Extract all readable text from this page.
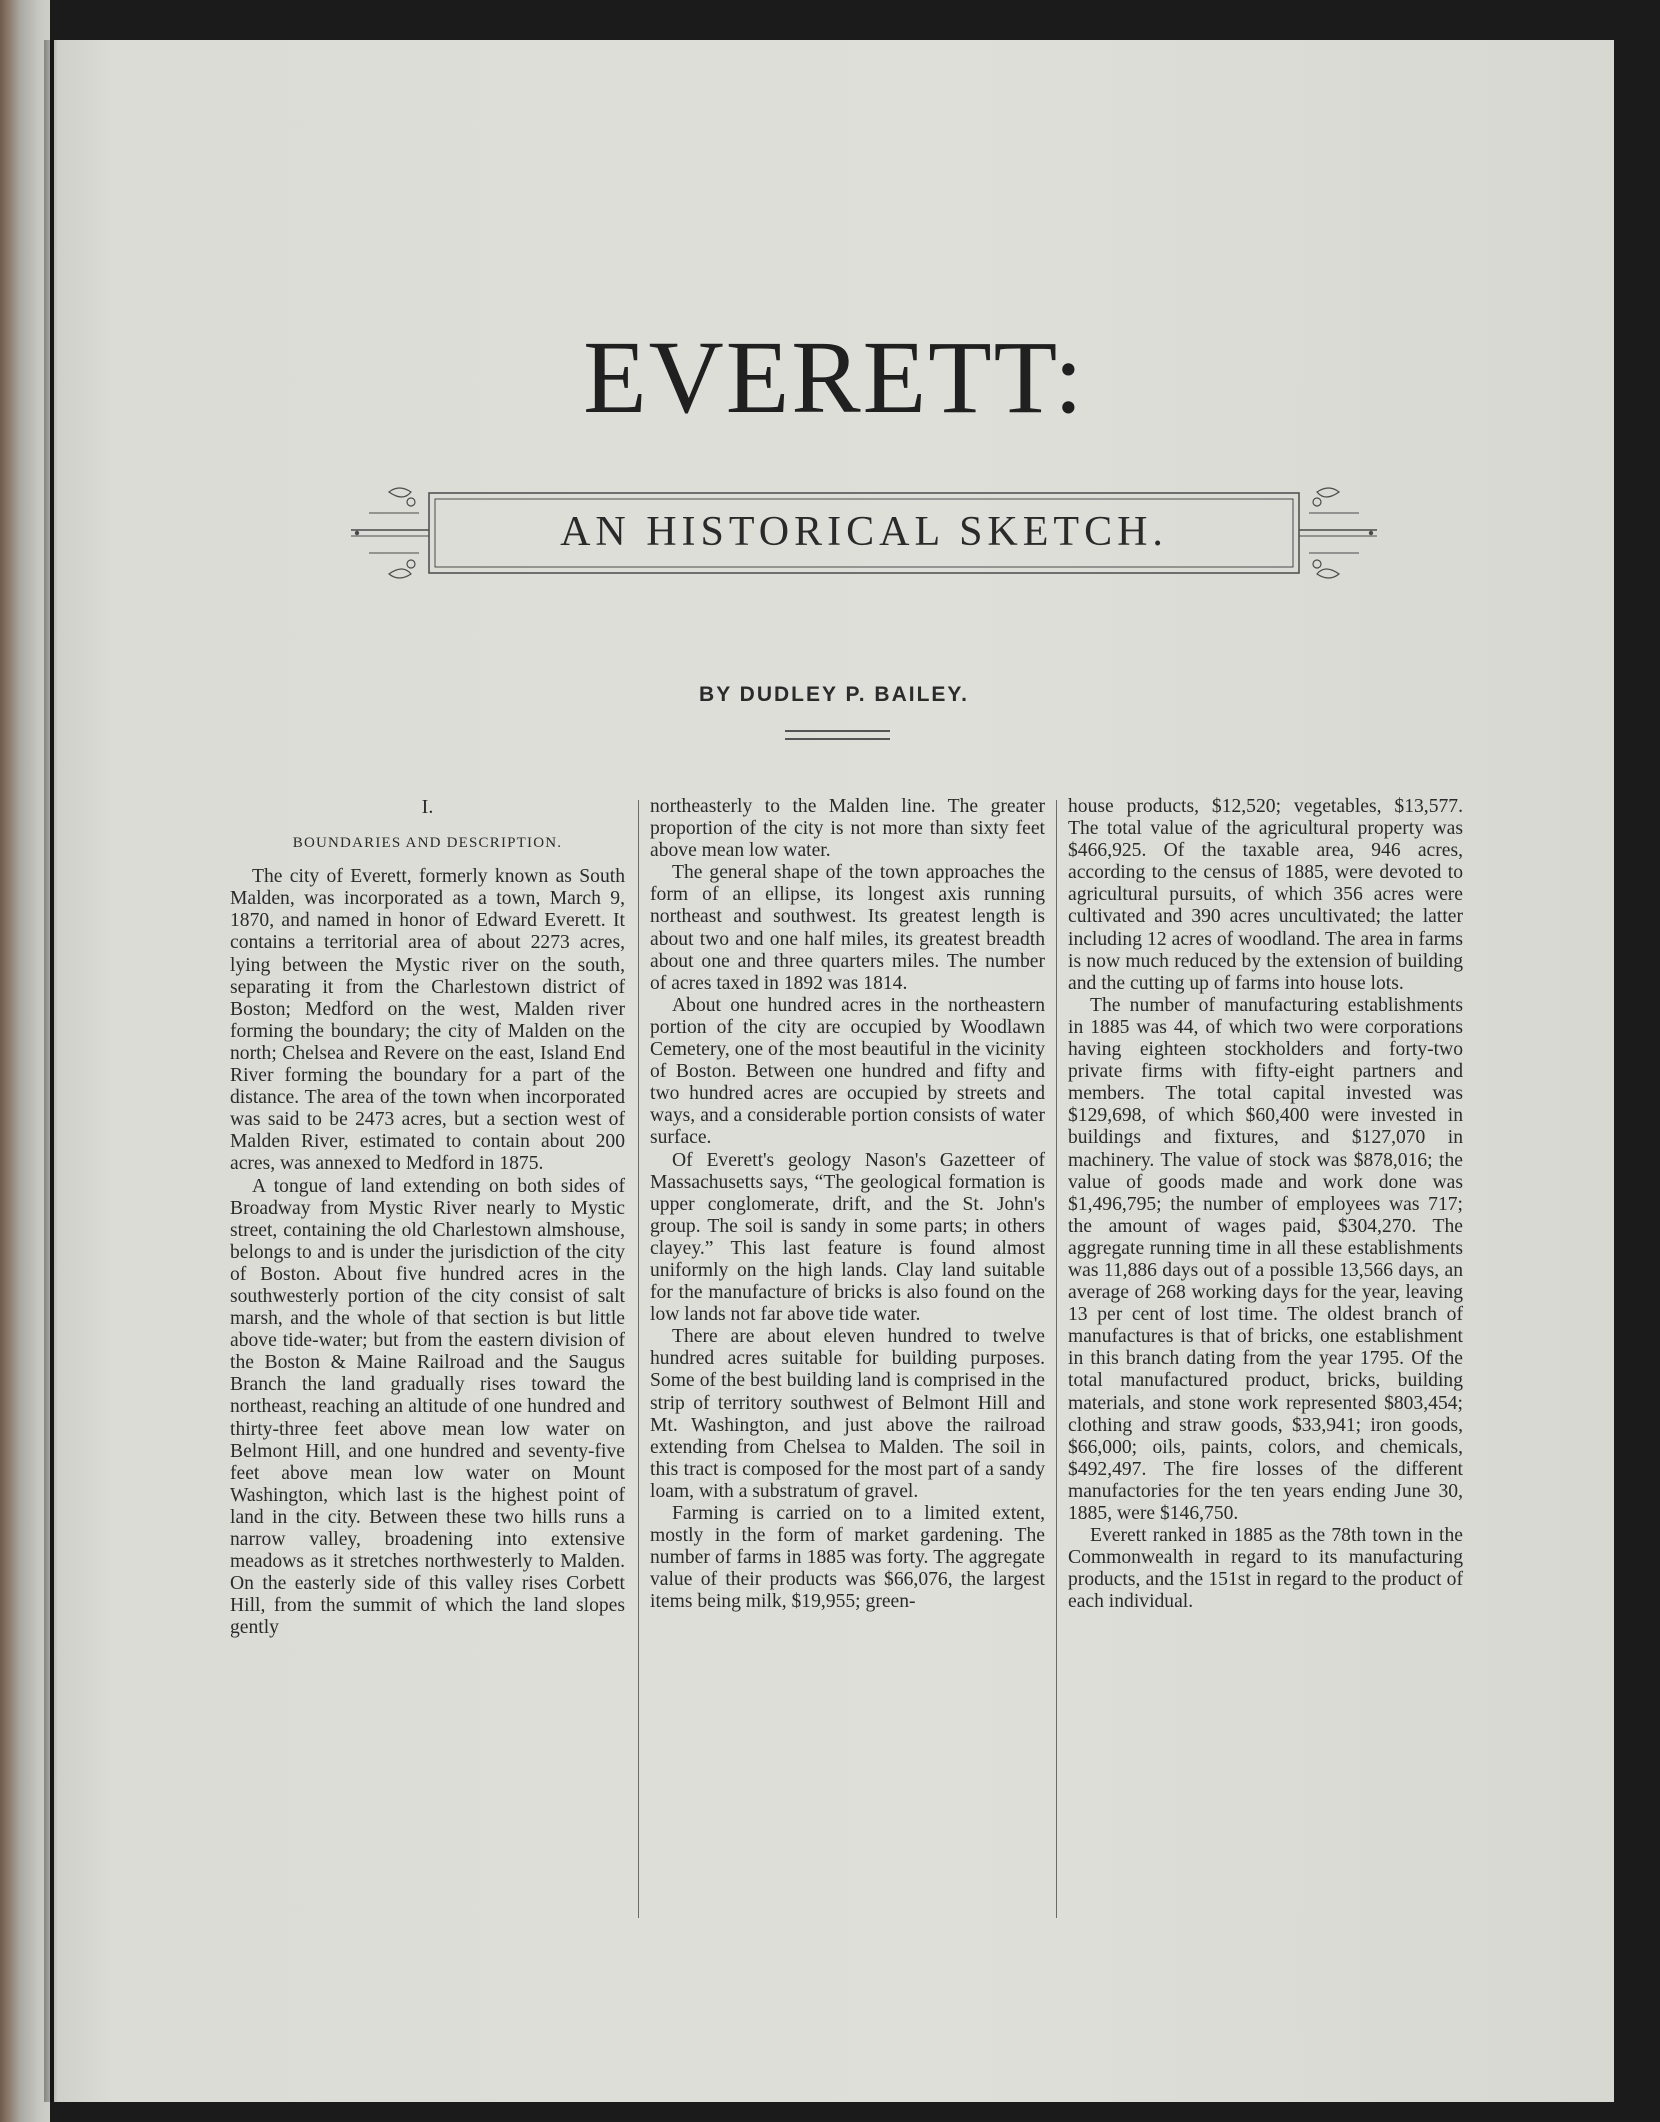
EVERETT:
AN HISTORICAL SKETCH.
BY DUDLEY P. BAILEY.
I.
BOUNDARIES AND DESCRIPTION.

The city of Everett, formerly known as South Malden, was incorporated as a town, March 9, 1870, and named in honor of Edward Everett. It contains a territorial area of about 2273 acres, lying between the Mystic river on the south, separating it from the Charlestown district of Boston; Medford on the west, Malden river forming the boundary; the city of Malden on the north; Chelsea and Revere on the east, Island End River forming the boundary for a part of the distance. The area of the town when incorporated was said to be 2473 acres, but a section west of Malden River, estimated to contain about 200 acres, was annexed to Medford in 1875.

A tongue of land extending on both sides of Broadway from Mystic River nearly to Mystic street, containing the old Charlestown almshouse, belongs to and is under the jurisdiction of the city of Boston. About five hundred acres in the southwesterly portion of the city consist of salt marsh, and the whole of that section is but little above tide-water; but from the eastern division of the Boston & Maine Railroad and the Saugus Branch the land gradually rises toward the northeast, reaching an altitude of one hundred and thirty-three feet above mean low water on Belmont Hill, and one hundred and seventy-five feet above mean low water on Mount Washington, which last is the highest point of land in the city. Between these two hills runs a narrow valley, broadening into extensive meadows as it stretches northwesterly to Malden. On the easterly side of this valley rises Corbett Hill, from the summit of which the land slopes gently

northeasterly to the Malden line. The greater proportion of the city is not more than sixty feet above mean low water.

The general shape of the town approaches the form of an ellipse, its longest axis running northeast and southwest. Its greatest length is about two and one half miles, its greatest breadth about one and three quarters miles. The number of acres taxed in 1892 was 1814.

About one hundred acres in the northeastern portion of the city are occupied by Woodlawn Cemetery, one of the most beautiful in the vicinity of Boston. Between one hundred and fifty and two hundred acres are occupied by streets and ways, and a considerable portion consists of water surface.

Of Everett's geology Nason's Gazetteer of Massachusetts says, “The geological formation is upper conglomerate, drift, and the St. John's group. The soil is sandy in some parts; in others clayey.” This last feature is found almost uniformly on the high lands. Clay land suitable for the manufacture of bricks is also found on the low lands not far above tide water.

There are about eleven hundred to twelve hundred acres suitable for building purposes. Some of the best building land is comprised in the strip of territory southwest of Belmont Hill and Mt. Washington, and just above the railroad extending from Chelsea to Malden. The soil in this tract is composed for the most part of a sandy loam, with a substratum of gravel.

Farming is carried on to a limited extent, mostly in the form of market gardening. The number of farms in 1885 was forty. The aggregate value of their products was $66,076, the largest items being milk, $19,955; green-

house products, $12,520; vegetables, $13,577. The total value of the agricultural property was $466,925. Of the taxable area, 946 acres, according to the census of 1885, were devoted to agricultural pursuits, of which 356 acres were cultivated and 390 acres uncultivated; the latter including 12 acres of woodland. The area in farms is now much reduced by the extension of building and the cutting up of farms into house lots.

The number of manufacturing establishments in 1885 was 44, of which two were corporations having eighteen stockholders and forty-two private firms with fifty-eight partners and members. The total capital invested was $129,698, of which $60,400 were invested in buildings and fixtures, and $127,070 in machinery. The value of stock was $878,016; the value of goods made and work done was $1,496,795; the number of employees was 717; the amount of wages paid, $304,270. The aggregate running time in all these establishments was 11,886 days out of a possible 13,566 days, an average of 268 working days for the year, leaving 13 per cent of lost time. The oldest branch of manufactures is that of bricks, one establishment in this branch dating from the year 1795. Of the total manufactured product, bricks, building materials, and stone work represented $803,454; clothing and straw goods, $33,941; iron goods, $66,000; oils, paints, colors, and chemicals, $492,497. The fire losses of the different manufactories for the ten years ending June 30, 1885, were $146,750.

Everett ranked in 1885 as the 78th town in the Commonwealth in regard to its manufacturing products, and the 151st in regard to the product of each individual.
